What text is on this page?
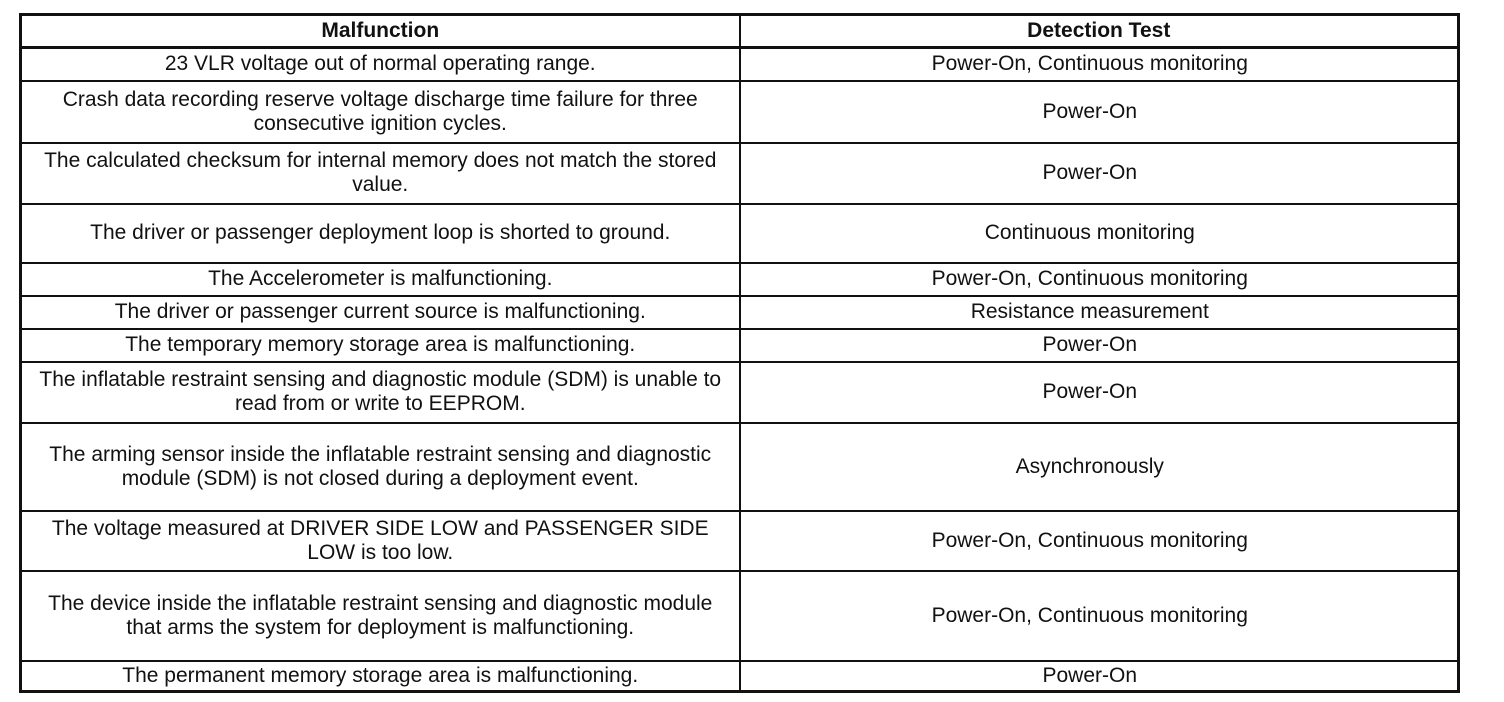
Malfunction	Detection Test
23 VLR voltage out of normal operating range.	Power-On, Continuous monitoring
Crash data recording reserve voltage discharge time failure for three consecutive ignition cycles.	Power-On
The calculated checksum for internal memory does not match the stored value.	Power-On
The driver or passenger deployment loop is shorted to ground.	Continuous monitoring
The Accelerometer is malfunctioning.	Power-On, Continuous monitoring
The driver or passenger current source is malfunctioning.	Resistance measurement
The temporary memory storage area is malfunctioning.	Power-On
The inflatable restraint sensing and diagnostic module (SDM) is unable to read from or write to EEPROM.	Power-On
The arming sensor inside the inflatable restraint sensing and diagnostic module (SDM) is not closed during a deployment event.	Asynchronously
The voltage measured at DRIVER SIDE LOW and PASSENGER SIDE LOW is too low.	Power-On, Continuous monitoring
The device inside the inflatable restraint sensing and diagnostic module that arms the system for deployment is malfunctioning.	Power-On, Continuous monitoring
The permanent memory storage area is malfunctioning.	Power-On
